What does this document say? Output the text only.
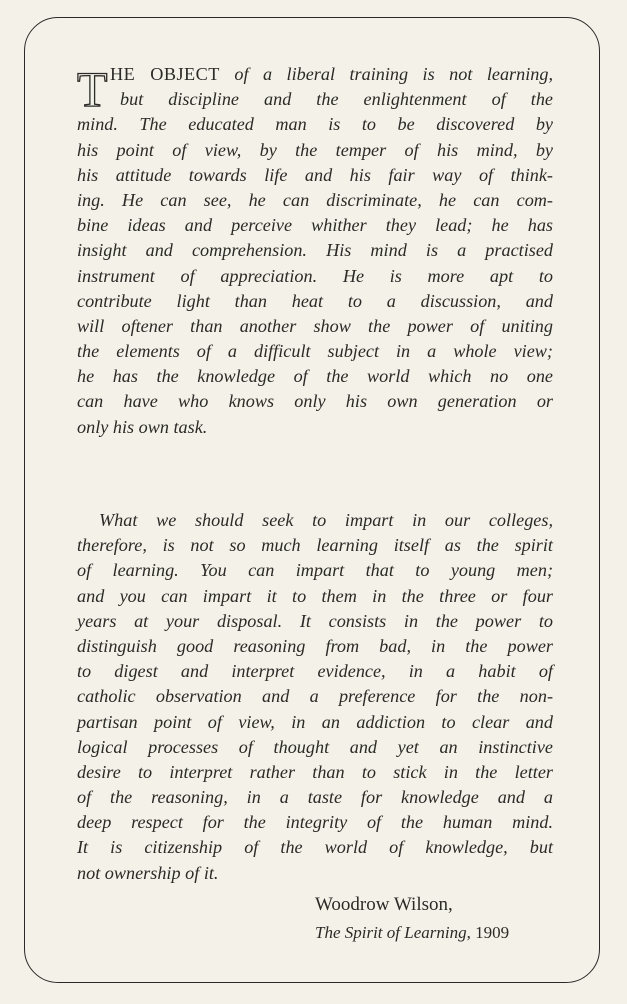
T HE OBJECT of a liberal training is not learning,
but discipline and the enlightenment of the
mind. The educated man is to be discovered by
his point of view, by the temper of his mind, by
his attitude towards life and his fair way of think-
ing. He can see, he can discriminate, he can com-
bine ideas and perceive whither they lead; he has
insight and comprehension. His mind is a practised
instrument of appreciation. He is more apt to
contribute light than heat to a discussion, and
will oftener than another show the power of uniting
the elements of a difficult subject in a whole view;
he has the knowledge of the world which no one
can have who knows only his own generation or
only his own task.
What we should seek to impart in our colleges,
therefore, is not so much learning itself as the spirit
of learning. You can impart that to young men;
and you can impart it to them in the three or four
years at your disposal. It consists in the power to
distinguish good reasoning from bad, in the power
to digest and interpret evidence, in a habit of
catholic observation and a preference for the non-
partisan point of view, in an addiction to clear and
logical processes of thought and yet an instinctive
desire to interpret rather than to stick in the letter
of the reasoning, in a taste for knowledge and a
deep respect for the integrity of the human mind.
It is citizenship of the world of knowledge, but
not ownership of it.
Woodrow Wilson,
The Spirit of Learning, 1909
